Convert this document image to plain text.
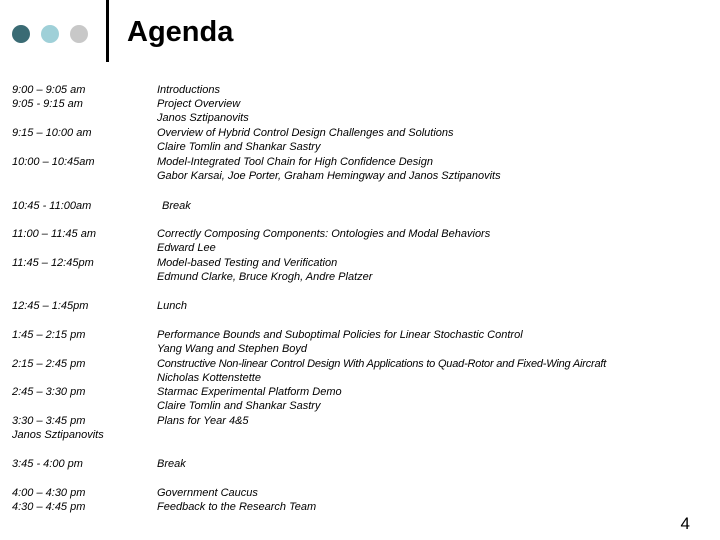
Agenda
9:00 – 9:05 am
9:05 - 9:15 am
9:15 – 10:00 am
10:00 – 10:45am
10:45 - 11:00am
11:00 – 11:45 am
11:45 – 12:45pm
12:45 – 1:45pm
1:45 – 2:15 pm
2:15 – 2:45 pm
2:45 – 3:30 pm
3:30 – 3:45 pm
Janos Sztipanovits
3:45 - 4:00 pm
4:00 – 4:30 pm
4:30 – 4:45 pm
Introductions
Project Overview
Janos Sztipanovits
Overview of Hybrid Control Design Challenges and Solutions
Claire Tomlin and Shankar Sastry
Model-Integrated Tool Chain for High Confidence Design
Gabor Karsai, Joe Porter, Graham Hemingway and Janos Sztipanovits
Break
Correctly Composing Components: Ontologies and Modal Behaviors
Edward Lee
Model-based Testing and Verification
Edmund Clarke, Bruce Krogh, Andre Platzer
Lunch
Performance Bounds and Suboptimal Policies for Linear Stochastic Control
Yang Wang and Stephen Boyd
Constructive Non-linear Control Design With Applications to Quad-Rotor and Fixed-Wing Aircraft
Nicholas Kottenstette
Starmac Experimental Platform Demo
Claire Tomlin and Shankar Sastry
Plans for Year 4&5
Break
Government Caucus
Feedback to the Research Team
4
